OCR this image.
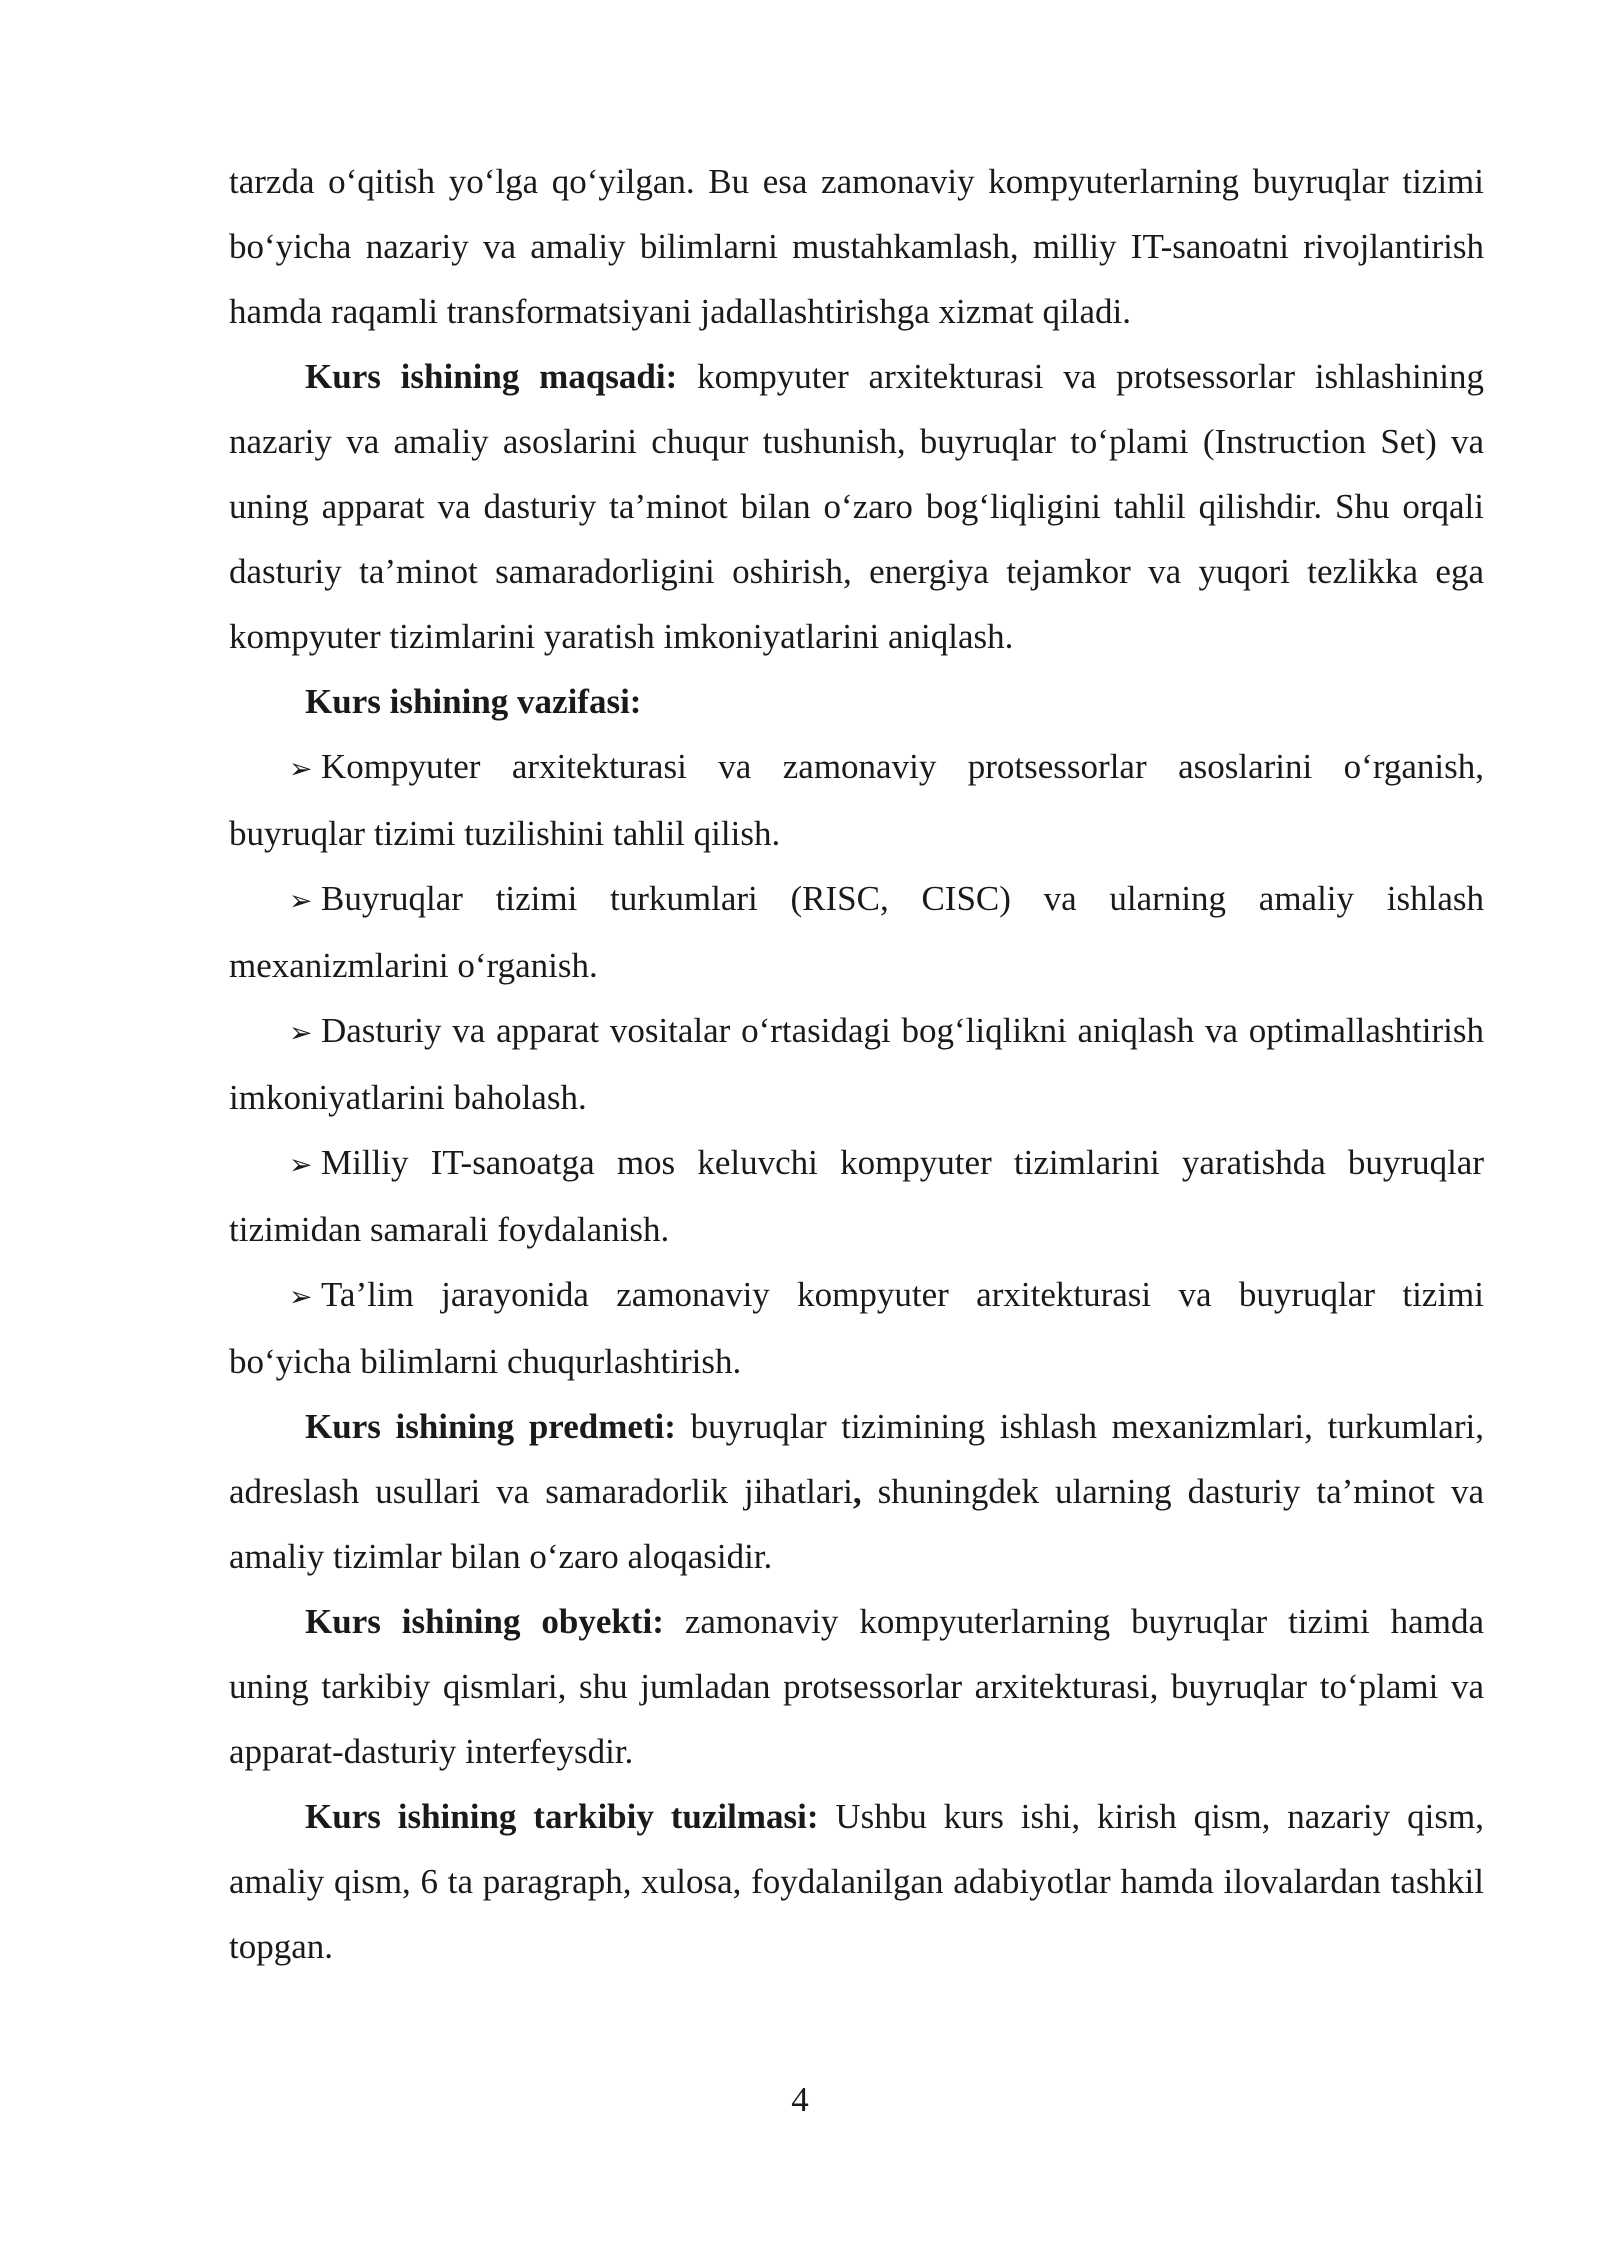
tarzda o‘qitish yo‘lga qo‘yilgan. Bu esa zamonaviy kompyuterlarning buyruqlar tizimi bo‘yicha nazariy va amaliy bilimlarni mustahkamlash, milliy IT-sanoatni rivojlantirish hamda raqamli transformatsiyani jadallashtirishga xizmat qiladi.

Kurs ishining maqsadi: kompyuter arxitekturasi va protsessorlar ishlashining nazariy va amaliy asoslarini chuqur tushunish, buyruqlar to‘plami (Instruction Set) va uning apparat va dasturiy ta’minot bilan o‘zaro bog‘liqligini tahlil qilishdir. Shu orqali dasturiy ta’minot samaradorligini oshirish, energiya tejamkor va yuqori tezlikka ega kompyuter tizimlarini yaratish imkoniyatlarini aniqlash.

Kurs ishining vazifasi:

➢ Kompyuter arxitekturasi va zamonaviy protsessorlar asoslarini o‘rganish, buyruqlar tizimi tuzilishini tahlil qilish.

➢ Buyruqlar tizimi turkumlari (RISC, CISC) va ularning amaliy ishlash mexanizmlarini o‘rganish.

➢ Dasturiy va apparat vositalar o‘rtasidagi bog‘liqlikni aniqlash va optimallashtirish imkoniyatlarini baholash.

➢ Milliy IT-sanoatga mos keluvchi kompyuter tizimlarini yaratishda buyruqlar tizimidan samarali foydalanish.

➢ Ta’lim jarayonida zamonaviy kompyuter arxitekturasi va buyruqlar tizimi bo‘yicha bilimlarni chuqurlashtirish.

Kurs ishining predmeti: buyruqlar tizimining ishlash mexanizmlari, turkumlari, adreslash usullari va samaradorlik jihatlari, shuningdek ularning dasturiy ta’minot va amaliy tizimlar bilan o‘zaro aloqasidir.

Kurs ishining obyekti: zamonaviy kompyuterlarning buyruqlar tizimi hamda uning tarkibiy qismlari, shu jumladan protsessorlar arxitekturasi, buyruqlar to‘plami va apparat-dasturiy interfeysdir.

Kurs ishining tarkibiy tuzilmasi: Ushbu kurs ishi, kirish qism, nazariy qism, amaliy qism, 6 ta paragraph, xulosa, foydalanilgan adabiyotlar hamda ilovalardan tashkil topgan.

4
